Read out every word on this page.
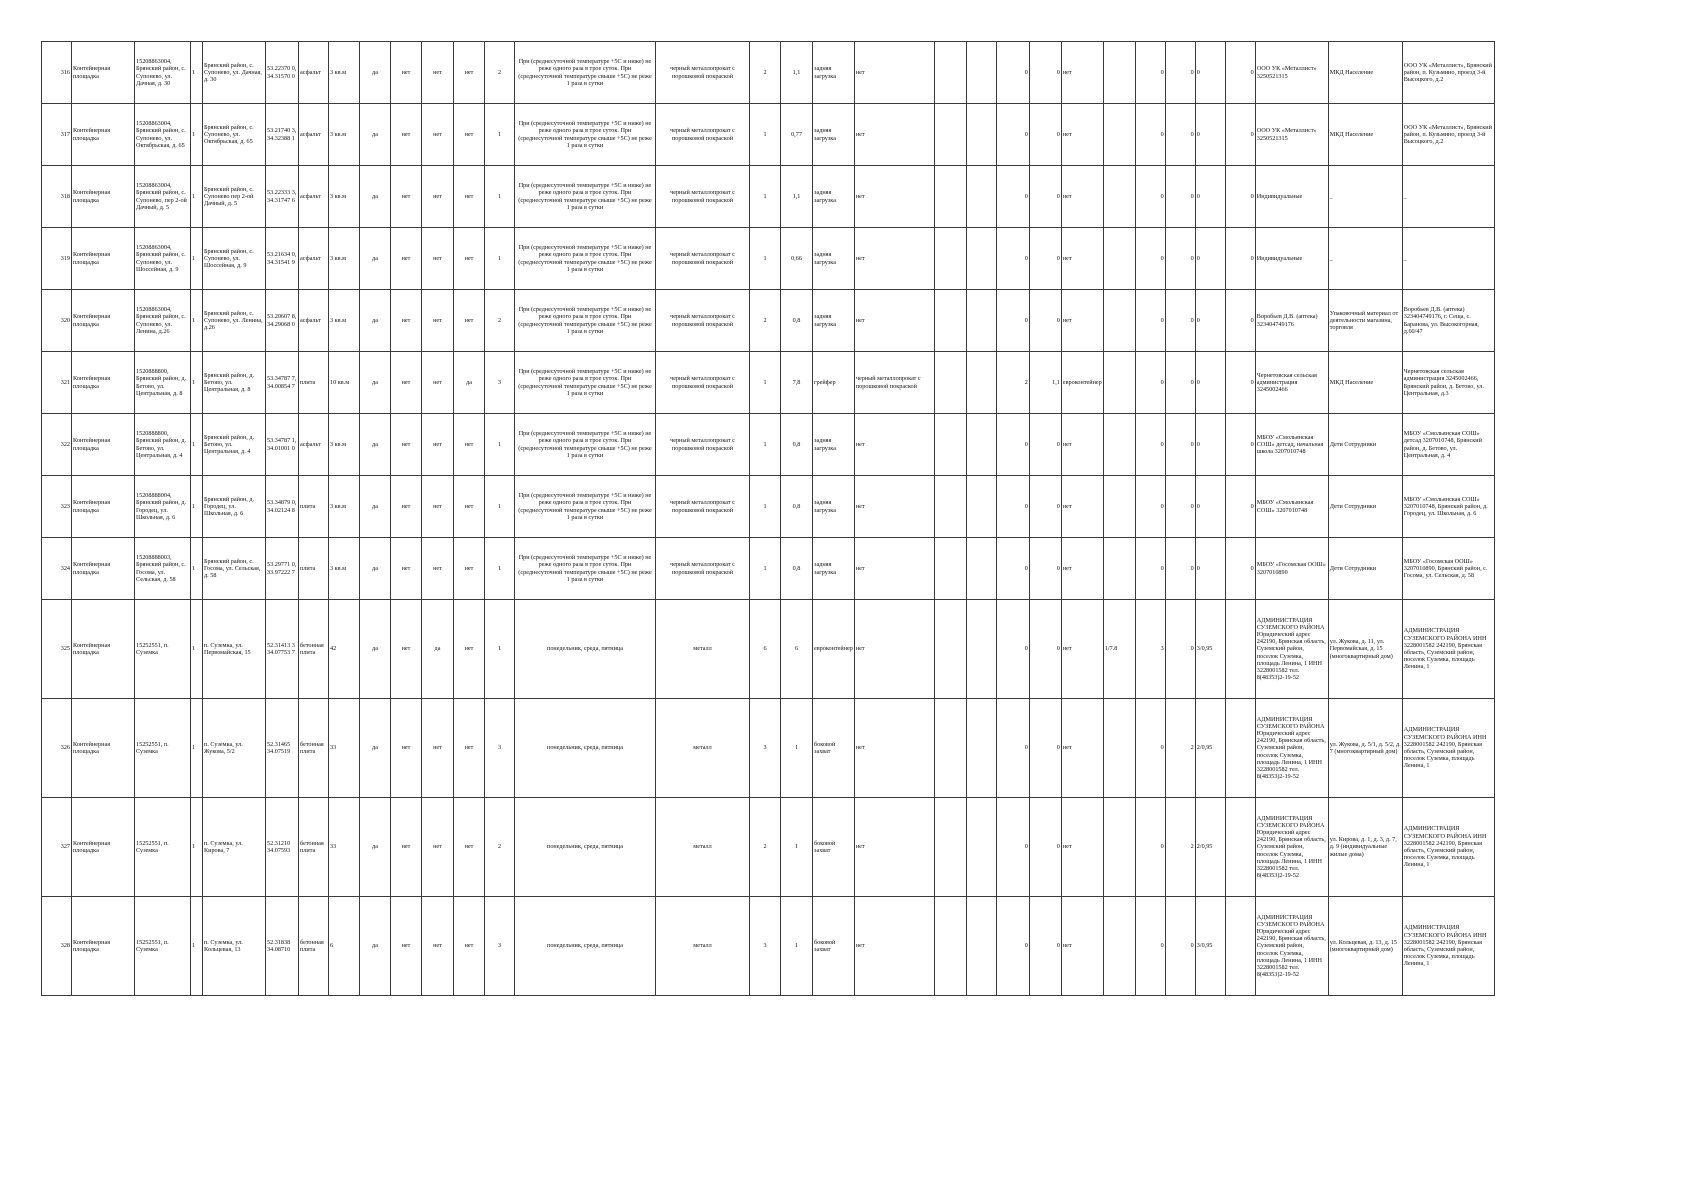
316	Контейнерная площадка	15208863004, Брянский район, с. Супонево, ул. Дачная, д. 30	1	Брянский район, с. Супонево, ул. Дачная, д. 30	53.22370 0, 34.31570 0	асфальт	3 кв.м	да	нет	нет	нет	2	При (среднесуточной температуре +5С и ниже) не реже одного раза в трое суток. При (среднесуточной температуре свыше +5С) не реже 1 раза в сутки	черный металлопрокат с порошковой покраской	2	1,1	задняя загрузка	нет			0	0	нет		0	0	0	0	ООО УК «Металлист» 3250521315	МКД Население	ООО УК «Металлист», Брянский район, п. Кузьмино, проезд 3-й Высоцкого, д.2
317	Контейнерная площадка	15208863004, Брянский район, с. Супонево, ул. Октябрьская, д. 65	1	Брянский район, с. Супонево, ул. Октябрьская, д. 65	53.21740 3, 34.32388 1	асфальт	3 кв.м	да	нет	нет	нет	1	При (среднесуточной температуре +5С и ниже) не реже одного раза в трое суток. При (среднесуточной температуре свыше +5С) не реже 1 раза в сутки	черный металлопрокат с порошковой покраской	1	0,77	задняя загрузка	нет			0	0	нет		0	0	0	0	ООО УК «Металлист» 3250521315	МКД Население	ООО УК «Металлист», Брянский район, п. Кузьмино, проезд 3-й Высоцкого, д.2
318	Контейнерная площадка	15208863004, Брянский район, с. Супонево, пер 2-ой Дачный, д. 5	1	Брянский район, с. Супонево пер 2-ой Дачный, д. 5	53.22333 3, 34.31747 6	асфальт	3 кв.м	да	нет	нет	нет	1	При (среднесуточной температуре +5С и ниже) не реже одного раза в трое суток. При (среднесуточной температуре свыше +5С) не реже 1 раза в сутки	черный металлопрокат с порошковой покраской	1	1,1	задняя загрузка	нет			0	0	нет		0	0	0	0	Индивидуальные	_	_
319	Контейнерная площадка	15208863004, Брянский район, с. Супонево, ул. Шоссейная, д. 9	1	Брянский район, с. Супонево, ул. Шоссейная, д. 9	53.21634 0, 34.31541 9	асфальт	3 кв.м	да	нет	нет	нет	1	При (среднесуточной температуре +5С и ниже) не реже одного раза в трое суток. При (среднесуточной температуре свыше +5С) не реже 1 раза в сутки	черный металлопрокат с порошковой покраской	1	0,66	задняя загрузка	нет			0	0	нет		0	0	0	0	Индивидуальные	_	_
320	Контейнерная площадка	15208863004, Брянский район, с. Супонево, ул. Ленина, д.26	1	Брянский район, с. Супонево, ул. Ленина, д.26	53.20607 8, 34.29068 0	асфальт	3 кв.м	да	нет	нет	нет	2	При (среднесуточной температуре +5С и ниже) не реже одного раза в трое суток. При (среднесуточной температуре свыше +5С) не реже 1 раза в сутки	черный металлопрокат с порошковой покраской	2	0,8	задняя загрузка	нет			0	0	нет		0	0	0	0	Воробьев Д.В. (аптека) 323404749176	Упаковочный материал от деятельности магазина, торговля	Воробьев Д.В. (аптека) 323404749176, г. Сеща, с. Баранова, ул. Высокогорная, д.60/47
321	Контейнерная площадка	1520888800, Брянский район, д. Бетово, ул. Центральная, д. 8	1	Брянский район, д. Бетово, ул. Центральная, д. 8	53.34787 7, 34.00854 7	плита	10 кв.м	да	нет	нет	да	3	При (среднесуточной температуре +5С и ниже) не реже одного раза в трое суток. При (среднесуточной температуре свыше +5С) не реже 1 раза в сутки	черный металлопрокат с порошковой покраской	1	7,8	грейфер	черный металлопрокат с порошковой покраской			2	1,1	евроконтейнер		0	0	0	0	Чернетовская сельская администрация 3245002466	МКД Население	Чернетовская сельская администрация 3245002466, Брянский район, д. Бетово, ул. Центральная, д.3
322	Контейнерная площадка	1520888800, Брянский район, д. Бетово, ул. Центральная, д. 4	1	Брянский район, д. Бетово, ул. Центральная, д. 4	53.34787 1, 34.01001 0	асфальт	3 кв.м	да	нет	нет	нет	1	При (среднесуточной температуре +5С и ниже) не реже одного раза в трое суток. При (среднесуточной температуре свыше +5С) не реже 1 раза в сутки	черный металлопрокат с порошковой покраской	1	0,8	задняя загрузка	нет			0	0	нет		0	0	0	0	МБОУ «Смольянская СОШ» детсад, начальная школа 3207010748	Дети Сотрудники	МБОУ «Смольянская СОШ» детсад 3207010748, Брянский район, д. Бетово, ул. Центральная, д. 4
323	Контейнерная площадка	15208888004, Брянский район, д. Городец, ул. Школьная, д. 6	1	Брянский район, д. Городец, ул. Школьная, д. 6	53.34879 0, 34.02124 8	плита	3 кв.м	да	нет	нет	нет	1	При (среднесуточной температуре +5С и ниже) не реже одного раза в трое суток. При (среднесуточной температуре свыше +5С) не реже 1 раза в сутки	черный металлопрокат с порошковой покраской	1	0,8	задняя загрузка	нет			0	0	нет		0	0	0	0	МБОУ «Смольянская СОШ» 3207010748	Дети Сотрудники	МБОУ «Смольянская СОШ» 3207010748, Брянский район, д. Городец, ул. Школьная, д. 6
324	Контейнерная площадка	15208888003, Брянский район, с. Госома, ул. Сельская, д. 58	1	Брянский район, с. Госома, ул. Сельская, д. 58	53.29771 0, 33.97222 7	плита	3 кв.м	да	нет	нет	нет	1	При (среднесуточной температуре +5С и ниже) не реже одного раза в трое суток. При (среднесуточной температуре свыше +5С) не реже 1 раза в сутки	черный металлопрокат с порошковой покраской	1	0,8	задняя загрузка	нет			0	0	нет		0	0	0	0	МБОУ «Госомская ООШ» 3207010890	Дети Сотрудники	МБОУ «Госомская ООШ» 3207010890, Брянский район, с. Госома, ул. Сельская, д. 58
325	Контейнерная площадка	15252551, п. Суземка	1	п. Суземка, ул. Первомайская, 15	52.31413 3 34.07753 7	бетонная плита	42	да	нет	да	нет	1	понедельник, среда, пятница	металл	6	6	евроконтейнер	нет			0	0	нет	1/7.8	3	0	3/0,95		АДМИНИСТРАЦИЯ СУЗЕМСКОГО РАЙОНА Юридический адрес 242190, Брянская область, Суземский район, поселок Суземка, площадь Ленина, 1 ИНН 3228001582 тел. 8(48353)2-19-52	ул. Жукова, д. 11, ул. Первомайская, д. 15 (многоквартирный дом)	АДМИНИСТРАЦИЯ СУЗЕМСКОГО РАЙОНА ИНН 3228001582 242190, Брянская область, Суземский район, поселок Суземка, площадь Ленина, 1
326	Контейнерная площадка	15252551, п. Суземка	1	п. Суземка, ул. Жукова, 5/2	52.31465 34.07519	бетонная плита	33	да	нет	нет	нет	3	понедельник, среда, пятница	металл	3	1	боковой захват	нет			0	0	нет		0	2	2/0,95		АДМИНИСТРАЦИЯ СУЗЕМСКОГО РАЙОНА Юридический адрес 242190, Брянская область, Суземский район, поселок Суземка, площадь Ленина, 1 ИНН 3228001582 тел. 8(48353)2-19-52	ул. Жукова, д. 5/1, д. 5/2, д. 7 (многоквартирный дом)	АДМИНИСТРАЦИЯ СУЗЕМСКОГО РАЙОНА ИНН 3228001582 242190, Брянская область, Суземский район, поселок Суземка, площадь Ленина, 1
327	Контейнерная площадка	15252551, п. Суземка	1	п. Суземка, ул. Кирова, 7	52.31210 34.07593	бетонная плита	33	да	нет	нет	нет	2	понедельник, среда, пятница	металл	2	1	боковой захват	нет			0	0	нет		0	2	2/0,95		АДМИНИСТРАЦИЯ СУЗЕМСКОГО РАЙОНА Юридический адрес 242190, Брянская область, Суземский район, поселок Суземка, площадь Ленина, 1 ИНН 3228001582 тел. 8(48353)2-19-52	ул. Кирова, д. 1, д. 3, д. 7, д. 9 (индивидуальные жилые дома)	АДМИНИСТРАЦИЯ СУЗЕМСКОГО РАЙОНА ИНН 3228001582 242190, Брянская область, Суземский район, поселок Суземка, площадь Ленина, 1
328	Контейнерная площадка	15252551, п. Суземка	1	п. Суземка, ул. Кольцевая, 13	52.31838 34.08710	бетонная плита	6	да	нет	нет	нет	3	понедельник, среда, пятница	металл	3	1	боковой захват	нет			0	0	нет		0	0	3/0,95		АДМИНИСТРАЦИЯ СУЗЕМСКОГО РАЙОНА Юридический адрес 242190, Брянская область, Суземский район, поселок Суземка, площадь Ленина, 1 ИНН 3228001582 тел. 8(48353)2-19-52	ул. Кольцевая, д. 13, д. 15 (многоквартирный дом)	АДМИНИСТРАЦИЯ СУЗЕМСКОГО РАЙОНА ИНН 3228001582 242190, Брянская область, Суземский район, поселок Суземка, площадь Ленина, 1
